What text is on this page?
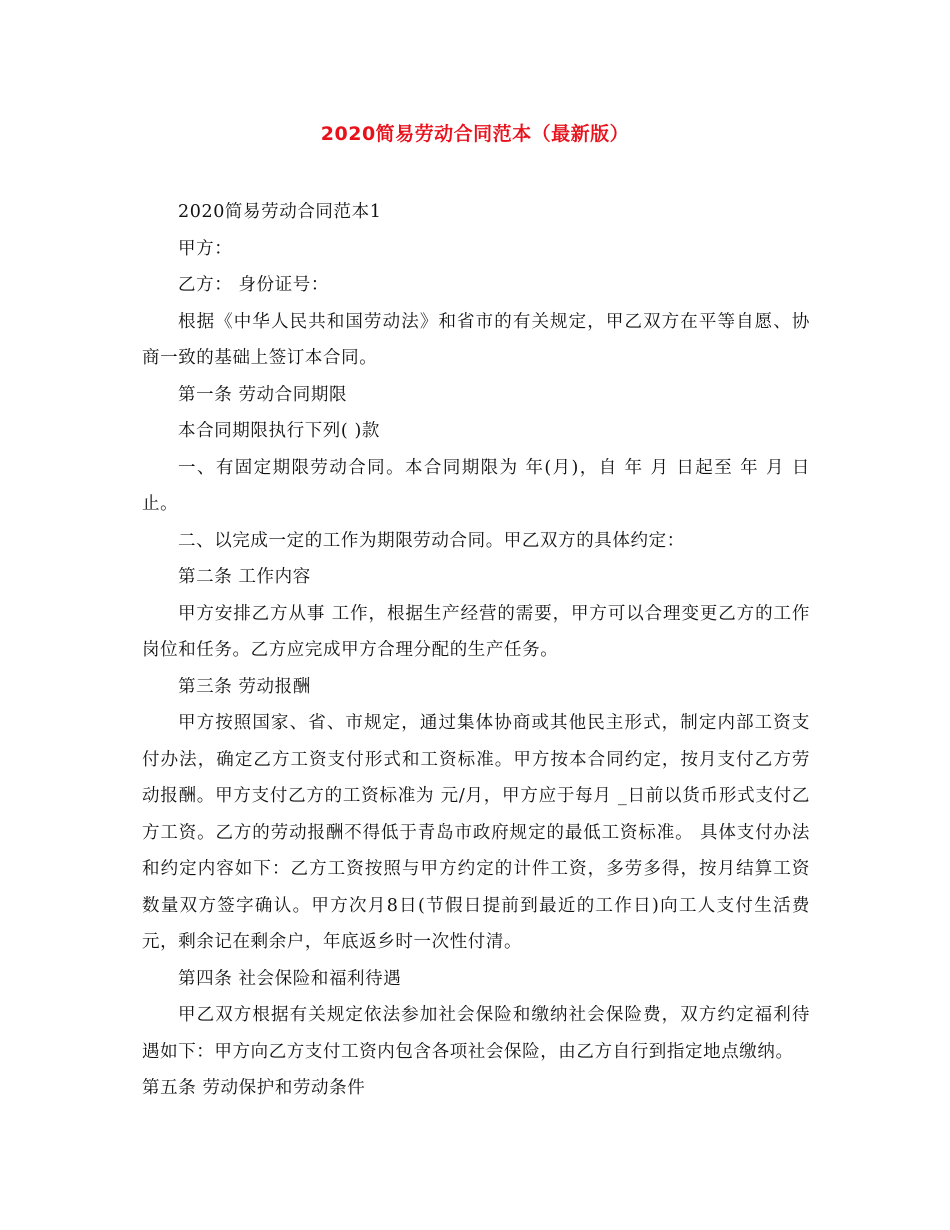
2020简易劳动合同范本（最新版）

2020简易劳动合同范本1

甲方：

乙方： 身份证号：

根据《中华人民共和国劳动法》和省市的有关规定，甲乙双方在平等自愿、协商一致的基础上签订本合同。

第一条 劳动合同期限

本合同期限执行下列( )款

一、有固定期限劳动合同。本合同期限为 年(月)，自 年 月 日起至 年 月 日止。

二、以完成一定的工作为期限劳动合同。甲乙双方的具体约定：

第二条 工作内容

甲方安排乙方从事 工作，根据生产经营的需要，甲方可以合理变更乙方的工作岗位和任务。乙方应完成甲方合理分配的生产任务。

第三条 劳动报酬

甲方按照国家、省、市规定，通过集体协商或其他民主形式，制定内部工资支付办法，确定乙方工资支付形式和工资标准。甲方按本合同约定，按月支付乙方劳动报酬。甲方支付乙方的工资标准为 元/月，甲方应于每月 _日前以货币形式支付乙方工资。乙方的劳动报酬不得低于青岛市政府规定的最低工资标准。 具体支付办法和约定内容如下：乙方工资按照与甲方约定的计件工资，多劳多得，按月结算工资数量双方签字确认。甲方次月8日(节假日提前到最近的工作日)向工人支付生活费 元，剩余记在剩余户，年底返乡时一次性付清。

第四条 社会保险和福利待遇

甲乙双方根据有关规定依法参加社会保险和缴纳社会保险费，双方约定福利待遇如下：甲方向乙方支付工资内包含各项社会保险，由乙方自行到指定地点缴纳。

第五条 劳动保护和劳动条件
